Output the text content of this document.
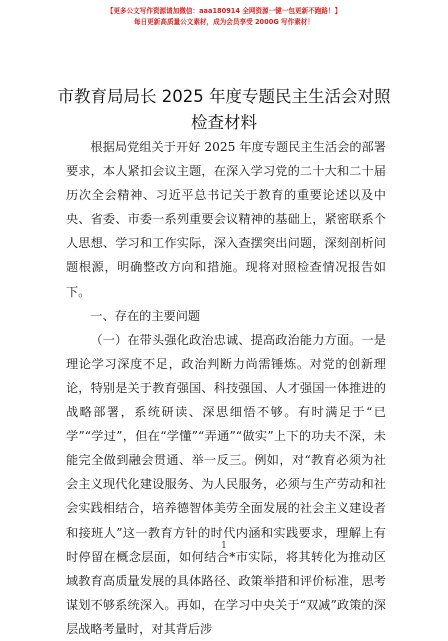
【更多公文写作资源请加微信：aaa180914 全网资源一键一包更新不跑路！】
每日更新高质量公文素材，成为会员享受 2000G 写作素材！
市教育局局长 2025 年度专题民主生活会对照检查材料

根据局党组关于开好 2025 年度专题民主生活会的部署要求，本人紧扣会议主题，在深入学习党的二十大和二十届历次全会精神、习近平总书记关于教育的重要论述以及中央、省委、市委一系列重要会议精神的基础上，紧密联系个人思想、学习和工作实际，深入查摆突出问题，深刻剖析问题根源，明确整改方向和措施。现将对照检查情况报告如下。

一、存在的主要问题

（一）在带头强化政治忠诚、提高政治能力方面。一是理论学习深度不足，政治判断力尚需锤炼。对党的创新理论，特别是关于教育强国、科技强国、人才强国一体推进的战略部署，系统研读、深思细悟不够。有时满足于“已学”“学过”，但在“学懂”“弄通”“做实”上下的功夫不深，未能完全做到融会贯通、举一反三。例如，对“教育必须为社会主义现代化建设服务、为人民服务，必须与生产劳动和社会实践相结合，培养德智体美劳全面发展的社会主义建设者和接班人”这一教育方针的时代内涵和实践要求，理解上有时停留在概念层面，如何结合*市实际，将其转化为推动区域教育高质量发展的具体路径、政策举措和评价标准，思考谋划不够系统深入。再如，在学习中央关于“双减”政策的深层战略考量时，对其背后涉

1
